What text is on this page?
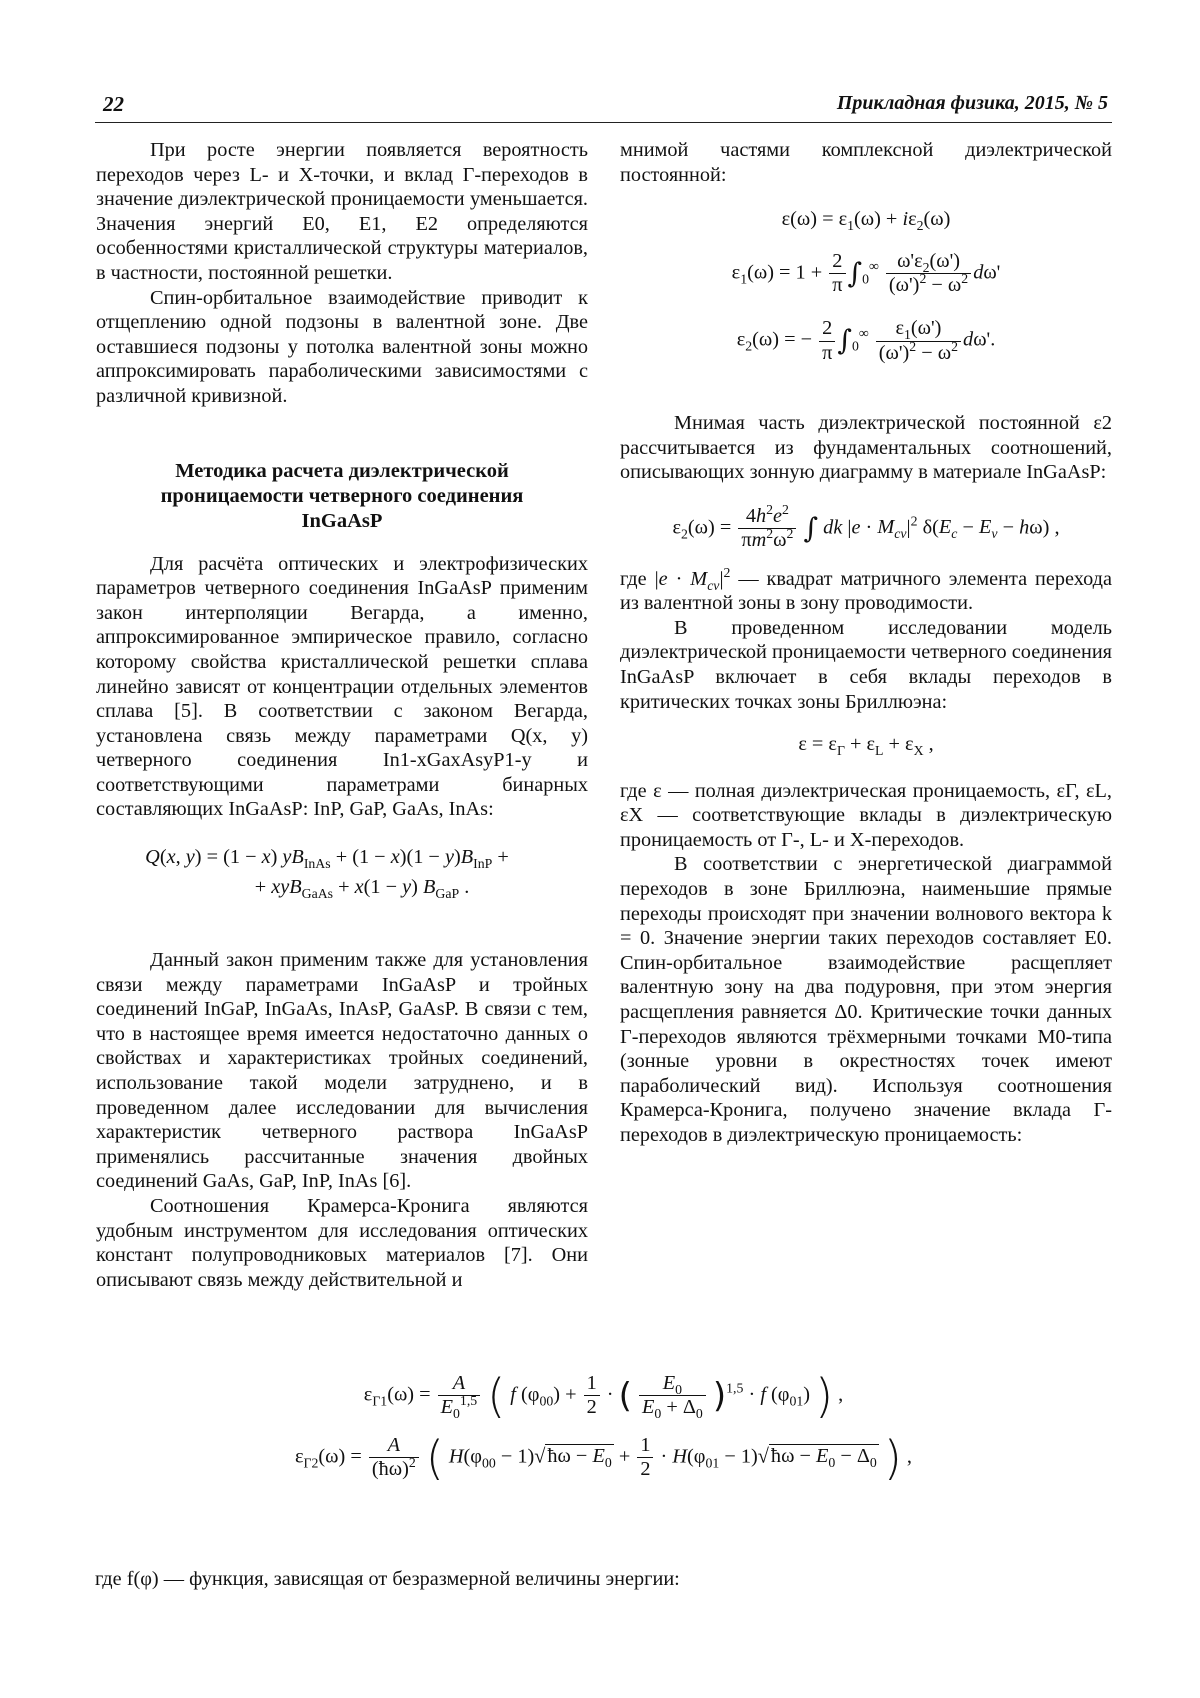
22	Прикладная физика, 2015, № 5

При росте энергии появляется вероятность переходов через L- и X-точки, и вклад Г-переходов в значение диэлектрической проницаемости уменьшается. Значения энергий E0, E1, E2 определяются особенностями кристаллической структуры материалов, в частности, постоянной решетки.

Спин-орбитальное взаимодействие приводит к отщеплению одной подзоны в валентной зоне. Две оставшиеся подзоны у потолка валентной зоны можно аппроксимировать параболическими зависимостями с различной кривизной.

Методика расчета диэлектрической

проницаемости четверного соединения

InGaAsP

Для расчёта оптических и электрофизических параметров четверного соединения InGaAsP применим закон интерполяции Вегарда, а именно, аппроксимированное эмпирическое правило, согласно которому свойства кристаллической решетки сплава линейно зависят от концентрации отдельных элементов сплава [5]. В соответствии с законом Вегарда, установлена связь между параметрами Q(x, y) четверного соединения In1-xGaxAsyP1-y и соответствующими параметрами бинарных составляющих InGaAsP: InP, GaP, GaAs, InAs:

Q(x, y) = (1 − x) $yB_{InAs} + (1 - x)(1 - y)B_{InP}$ +
+ xyB$_{GaAs}$ + x(1 − y) $B_{GaP}$ .

Данный закон применим также для установления связи между параметрами InGaAsP и тройных соединений InGaP, InGaAs, InAsP, GaAsP. В связи с тем, что в настоящее время имеется недостаточно данных о свойствах и характеристиках тройных соединений, использование такой модели затруднено, и в проведенном далее исследовании для вычисления характеристик четверного раствора InGaAsP применялись рассчитанные значения двойных соединений GaAs, GaP, InP, InAs [6].

Соотношения Крамерса-Кронига являются удобным инструментом для исследования оптических констант полупроводниковых материалов [7]. Они описывают связь между действительной и

мнимой частями комплексной диэлектрической постоянной:

$\varepsilon(\omega) = \varepsilon_1(\omega) + i\varepsilon_2(\omega)$
$\varepsilon_1(\omega) = 1 + \frac{2}{\pi} \int_0^\infty \frac{\omega'\varepsilon_2(\omega')}{(\omega')^2 - \omega^2} d\omega'$
$\varepsilon_2(\omega)$ = − $\frac{2}{\pi} \int_0^\infty \frac{\varepsilon_1(\omega')}{(\omega')^2 - \omega^2} d\omega'$.

Мнимая часть диэлектрической постоянной ε2 рассчитывается из фундаментальных соотношений, описывающих зонную диаграмму в материале InGaAsP:

$\varepsilon_2(\omega) = \frac{4h^2e^2}{\pi m^2\omega^2}$ ∫ dk $|e \cdot M_{cv}|^2$ $\delta(E_c - E_v - h\omega)$ ,

где $|e \cdot M_{cv}|^2$ — квадрат матричного элемента перехода из валентной зоны в зону проводимости.

В проведенном исследовании модель диэлектрической проницаемости четверного соединения InGaAsP включает в себя вклады переходов в критических точках зоны Бриллюэна:

$\varepsilon = \varepsilon_Г + \varepsilon_L + \varepsilon_X$ ,

где ε — полная диэлектрическая проницаемость, εГ, εL, εX — соответствующие вклады в диэлектрическую проницаемость от Г-, L- и X-переходов.

В соответствии с энергетической диаграммой переходов в зоне Бриллюэна, наименьшие прямые переходы происходят при значении волнового вектора k = 0. Значение энергии таких переходов составляет E0. Спин-орбитальное взаимодействие расщепляет валентную зону на два подуровня, при этом энергия расщепления равняется Δ0. Критические точки данных Г-переходов являются трёхмерными точками M0-типа (зонные уровни в окрестностях точек имеют параболический вид). Используя соотношения Крамерса-Кронига, получено значение вклада Г-переходов в диэлектрическую проницаемость:

$\varepsilon_{Г1}(\omega) = \frac{A}{E_0^{1,5}}$ ( f $(\varphi_{00}) + \frac{1}{2}$ · ( $\frac{E_0}{E_0 + \Delta_0} )^{1,5} \cdot f$ $(\varphi_{01})$ ) ,
$\varepsilon_{Г2}(\omega) = \frac{A}{(ħ\omega)^2}$ ( $H(\varphi_{00}$ − 1)√ħω − $E_0 + \frac{1}{2} \cdot H(\varphi_{01}$ − 1)√ħω − $E_0 - \Delta_0$ ) ,
где f(φ) — функция, зависящая от безразмерной величины энергии:
